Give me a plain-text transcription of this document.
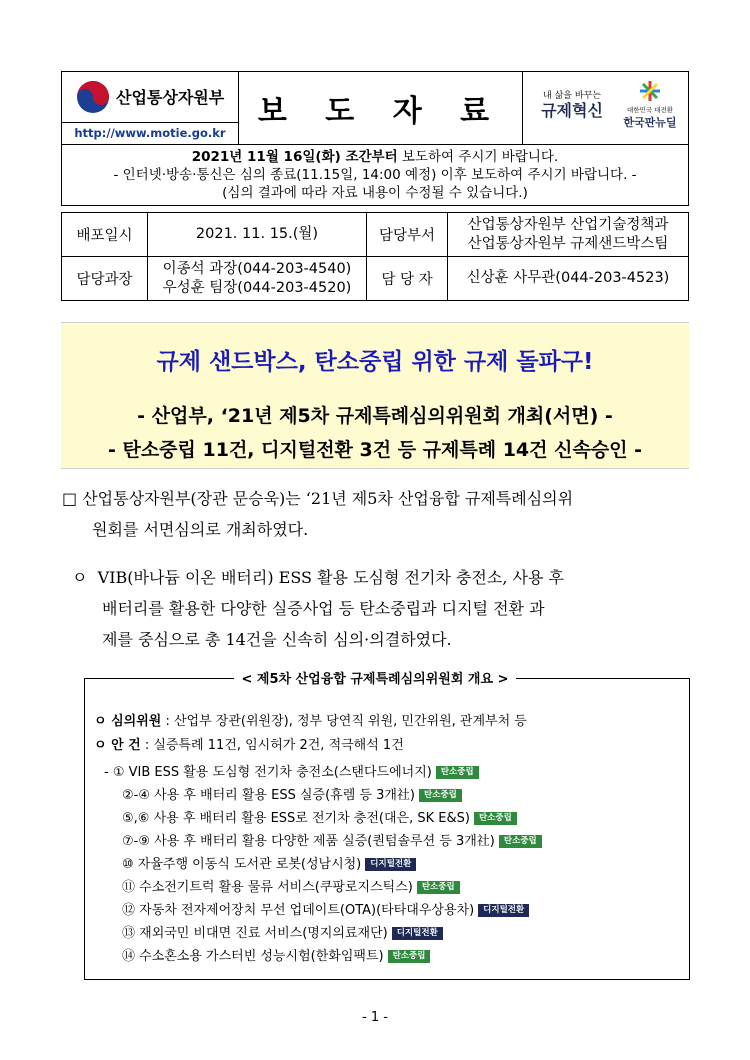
산업통상자원부
http://www.motie.go.kr
	보 도 자 료	내 삶을 바꾸는
규제혁신	대한민국 대전환
한국판뉴딜

2021년 11월 16일(화) 조간부터 보도하여 주시기 바랍니다.
- 인터넷·방송·통신은 심의 종료(11.15일, 14:00 예정) 이후 보도하여 주시기 바랍니다. -
(심의 결과에 따라 자료 내용이 수정될 수 있습니다.)
배포일시	2021. 11. 15.(월)	담당부서	산업통상자원부 산업기술정책과
산업통상자원부 규제샌드박스팀

담당과장	이종석 과장(044-203-4540)
우성훈 팀장(044-203-4520)	담 당 자	신상훈 사무관(044-203-4523)
규제 샌드박스, 탄소중립 위한 규제 돌파구!
- 산업부, ‘21년 제5차 규제특례심의위원회 개최(서면) -
- 탄소중립 11건, 디지털전환 3건 등 규제특례 14건 신속승인 -
□ 산업통상자원부(장관 문승욱)는 ‘21년 제5차 산업융합 규제특례심의위
원회를 서면심의로 개최하였다.
ㅇ VIB(바나듐 이온 배터리) ESS 활용 도심형 전기차 충전소, 사용 후
배터리를 활용한 다양한 실증사업 등 탄소중립과 디지털 전환 과
제를 중심으로 총 14건을 신속히 심의·의결하였다.
< 제5차 산업융합 규제특례심의위원회 개요 >
ㅇ 심의위원 : 산업부 장관(위원장), 정부 당연직 위원, 민간위원, 관계부처 등
ㅇ 안 건 : 실증특례 11건, 임시허가 2건, 적극해석 1건
- ① VIB ESS 활용 도심형 전기차 충전소(스탠다드에너지) 탄소중립
②-④ 사용 후 배터리 활용 ESS 실증(휴렘 등 3개社) 탄소중립
⑤,⑥ 사용 후 배터리 활용 ESS로 전기차 충전(대은, SK E&S) 탄소중립
⑦-⑨ 사용 후 배터리 활용 다양한 제품 실증(퀀텀솔루션 등 3개社) 탄소중립
⑩ 자율주행 이동식 도서관 로봇(성남시청) 디지털전환
⑪ 수소전기트럭 활용 물류 서비스(쿠팡로지스틱스) 탄소중립
⑫ 자동차 전자제어장치 무선 업데이트(OTA)(타타대우상용차) 디지털전환
⑬ 재외국민 비대면 진료 서비스(명지의료재단) 디지털전환
⑭ 수소혼소용 가스터빈 성능시험(한화임팩트) 탄소중립
- 1 -
